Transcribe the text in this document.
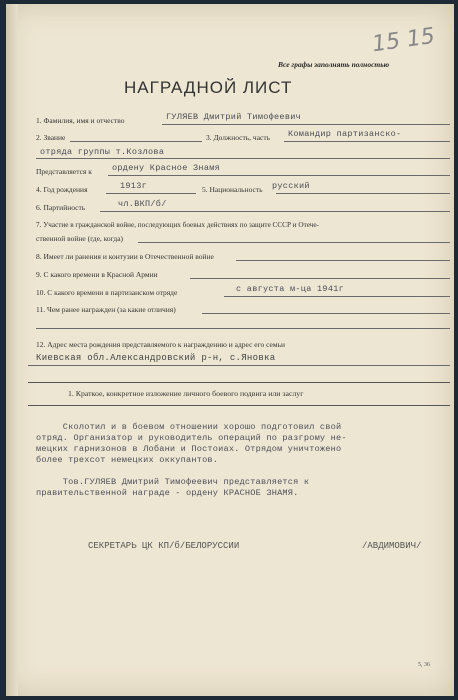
Все графы заполнять полностью
15 15
НАГРАДНОЙ ЛИСТ
1. Фамилия, имя и отчество	ГУЛЯЕВ Дмитрий Тимофеевич
2. Звание	3. Должность, часть Командир партизанско-
отряда группы т.Козлова
Представляется к ордену Красное Знамя
4. Год рождения	1913г	5. Национальность русский
6. Партийность	чл.ВКП/б/
7. Участие в гражданской войне, последующих боевых действиях по защите СССР и Отече-
ственной войне (где, когда)
8. Имеет ли ранения и контузии в Отечественной войне
9. С какого времени в Красной Армии
10. С какого времени в партизанском отряде	с августа м-ца 1941г
11. Чем ранее награжден (за какие отличия)
12. Адрес места рождения представляемого к награждению и адрес его семьи
Киевская обл.Александровский р-н, с.Яновка
1. Краткое, конкретное изложение личного боевого подвига или заслуг
Сколотил и в боевом отношении хорошо подготовил свой
отряд. Организатор и руководитель операций по разгрому не-
мецких гарнизонов в Лобани и Постоиах. Отрядом уничтожено
более трехсот немецких оккупантов.

Тов.ГУЛЯЕВ Дмитрий Тимофеевич представляется к
правительственной награде - ордену КРАСНОЕ ЗНАМЯ.
СЕКРЕТАРЬ ЦК КП/б/БЕЛОРУССИИ	/АВДИМОВИЧ/
5, 36
